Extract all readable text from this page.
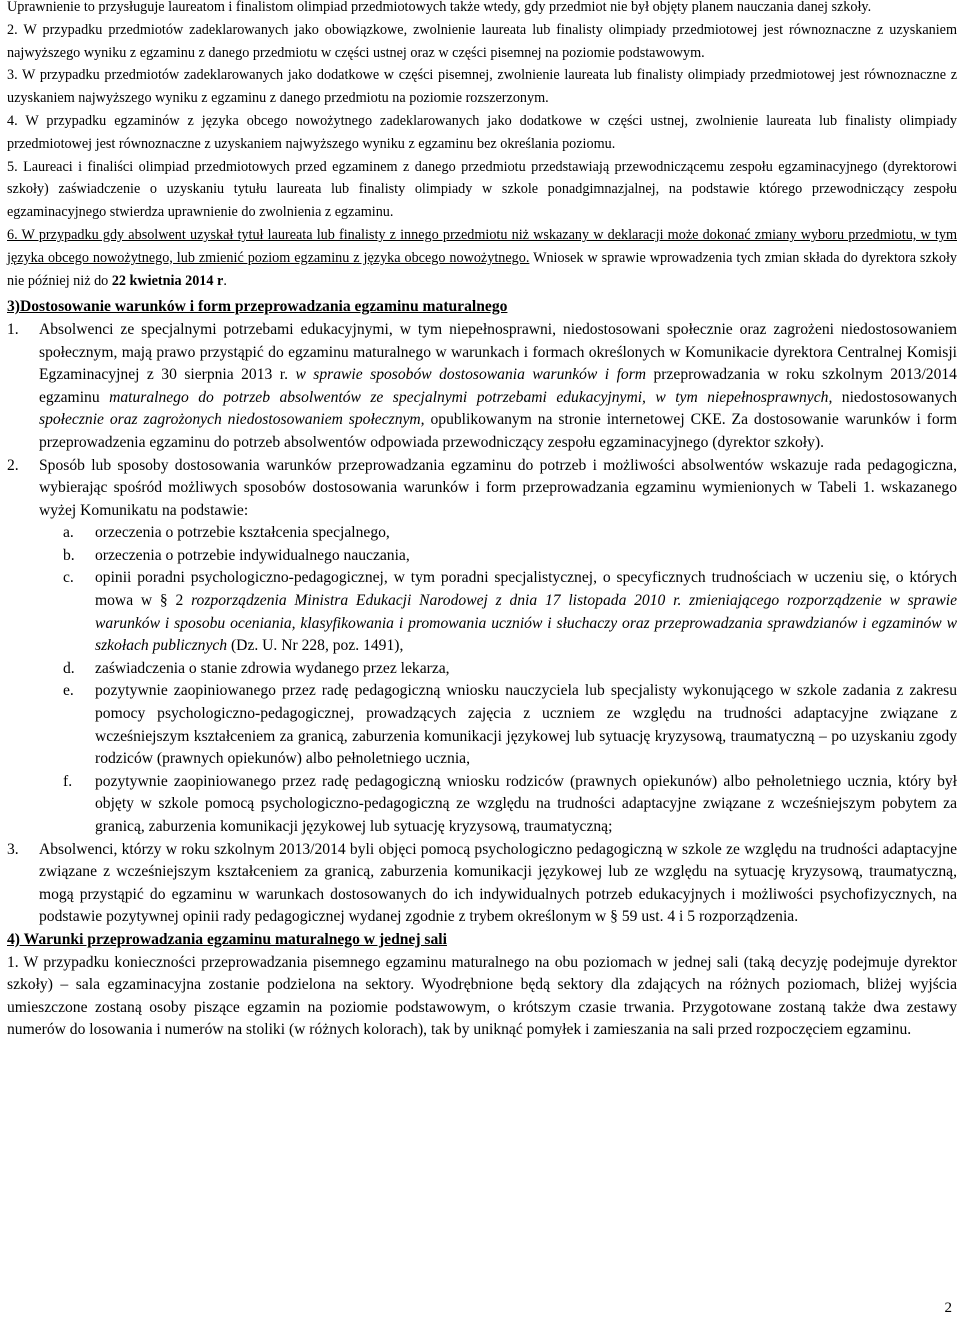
Uprawnienie to przysługuje laureatom i finalistom olimpiad przedmiotowych także wtedy, gdy przedmiot nie był objęty planem nauczania danej szkoły.

2. W przypadku przedmiotów zadeklarowanych jako obowiązkowe, zwolnienie laureata lub finalisty olimpiady przedmiotowej jest równoznaczne z uzyskaniem najwyższego wyniku z egzaminu z danego przedmiotu w części ustnej oraz w części pisemnej na poziomie podstawowym.

3. W przypadku przedmiotów zadeklarowanych jako dodatkowe w części pisemnej, zwolnienie laureata lub finalisty olimpiady przedmiotowej jest równoznaczne z uzyskaniem najwyższego wyniku z egzaminu z danego przedmiotu na poziomie rozszerzonym.

4. W przypadku egzaminów z języka obcego nowożytnego zadeklarowanych jako dodatkowe w części ustnej, zwolnienie laureata lub finalisty olimpiady przedmiotowej jest równoznaczne z uzyskaniem najwyższego wyniku z egzaminu bez określania poziomu.

5. Laureaci i finaliści olimpiad przedmiotowych przed egzaminem z danego przedmiotu przedstawiają przewodniczącemu zespołu egzaminacyjnego (dyrektorowi szkoły) zaświadczenie o uzyskaniu tytułu laureata lub finalisty olimpiady w szkole ponadgimnazjalnej, na podstawie którego przewodniczący zespołu egzaminacyjnego stwierdza uprawnienie do zwolnienia z egzaminu.

6. W przypadku gdy absolwent uzyskał tytuł laureata lub finalisty z innego przedmiotu niż wskazany w deklaracji może dokonać zmiany wyboru przedmiotu, w tym języka obcego nowożytnego, lub zmienić poziom egzaminu z języka obcego nowożytnego. Wniosek w sprawie wprowadzenia tych zmian składa do dyrektora szkoły nie później niż do 22 kwietnia 2014 r.

3)Dostosowanie warunków i form przeprowadzania egzaminu maturalnego

1.	Absolwenci ze specjalnymi potrzebami edukacyjnymi, w tym niepełnosprawni, niedostosowani społecznie oraz zagrożeni niedostosowaniem społecznym, mają prawo przystąpić do egzaminu maturalnego w warunkach i formach określonych w Komunikacie dyrektora Centralnej Komisji Egzaminacyjnej z 30 sierpnia 2013 r. w sprawie sposobów dostosowania warunków i form przeprowadzania w roku szkolnym 2013/2014 egzaminu maturalnego do potrzeb absolwentów ze specjalnymi potrzebami edukacyjnymi, w tym niepełnosprawnych, niedostosowanych społecznie oraz zagrożonych niedostosowaniem społecznym, opublikowanym na stronie internetowej CKE. Za dostosowanie warunków i form przeprowadzenia egzaminu do potrzeb absolwentów odpowiada przewodniczący zespołu egzaminacyjnego (dyrektor szkoły).
2.	Sposób lub sposoby dostosowania warunków przeprowadzania egzaminu do potrzeb i możliwości absolwentów wskazuje rada pedagogiczna, wybierając spośród możliwych sposobów dostosowania warunków i form przeprowadzania egzaminu wymienionych w Tabeli 1. wskazanego wyżej Komunikatu na podstawie:
a.	orzeczenia o potrzebie kształcenia specjalnego,
b.	orzeczenia o potrzebie indywidualnego nauczania,
c.	opinii poradni psychologiczno-pedagogicznej, w tym poradni specjalistycznej, o specyficznych trudnościach w uczeniu się, o których mowa w § 2 rozporządzenia Ministra Edukacji Narodowej z dnia 17 listopada 2010 r. zmieniającego rozporządzenie w sprawie warunków i sposobu oceniania, klasyfikowania i promowania uczniów i słuchaczy oraz przeprowadzania sprawdzianów i egzaminów w szkołach publicznych (Dz. U. Nr 228, poz. 1491),
d.	zaświadczenia o stanie zdrowia wydanego przez lekarza,
e.	pozytywnie zaopiniowanego przez radę pedagogiczną wniosku nauczyciela lub specjalisty wykonującego w szkole zadania z zakresu pomocy psychologiczno-pedagogicznej, prowadzących zajęcia z uczniem ze względu na trudności adaptacyjne związane z wcześniejszym kształceniem za granicą, zaburzenia komunikacji językowej lub sytuację kryzysową, traumatyczną – po uzyskaniu zgody rodziców (prawnych opiekunów) albo pełnoletniego ucznia,
f.	pozytywnie zaopiniowanego przez radę pedagogiczną wniosku rodziców (prawnych opiekunów) albo pełnoletniego ucznia, który był objęty w szkole pomocą psychologiczno-pedagogiczną ze względu na trudności adaptacyjne związane z wcześniejszym pobytem za granicą, zaburzenia komunikacji językowej lub sytuację kryzysową, traumatyczną;
3.	Absolwenci, którzy w roku szkolnym 2013/2014 byli objęci pomocą psychologiczno pedagogiczną w szkole ze względu na trudności adaptacyjne związane z wcześniejszym kształceniem za granicą, zaburzenia komunikacji językowej lub ze względu na sytuację kryzysową, traumatyczną, mogą przystąpić do egzaminu w warunkach dostosowanych do ich indywidualnych potrzeb edukacyjnych i możliwości psychofizycznych, na podstawie pozytywnej opinii rady pedagogicznej wydanej zgodnie z trybem określonym w § 59 ust. 4 i 5 rozporządzenia.

4) Warunki przeprowadzania egzaminu maturalnego w jednej sali

1. W przypadku konieczności przeprowadzania pisemnego egzaminu maturalnego na obu poziomach w jednej sali (taką decyzję podejmuje dyrektor szkoły) – sala egzaminacyjna zostanie podzielona na sektory. Wyodrębnione będą sektory dla zdających na różnych poziomach, bliżej wyjścia umieszczone zostaną osoby piszące egzamin na poziomie podstawowym, o krótszym czasie trwania. Przygotowane zostaną także dwa zestawy numerów do losowania i numerów na stoliki (w różnych kolorach), tak by uniknąć pomyłek i zamieszania na sali przed rozpoczęciem egzaminu.

2
